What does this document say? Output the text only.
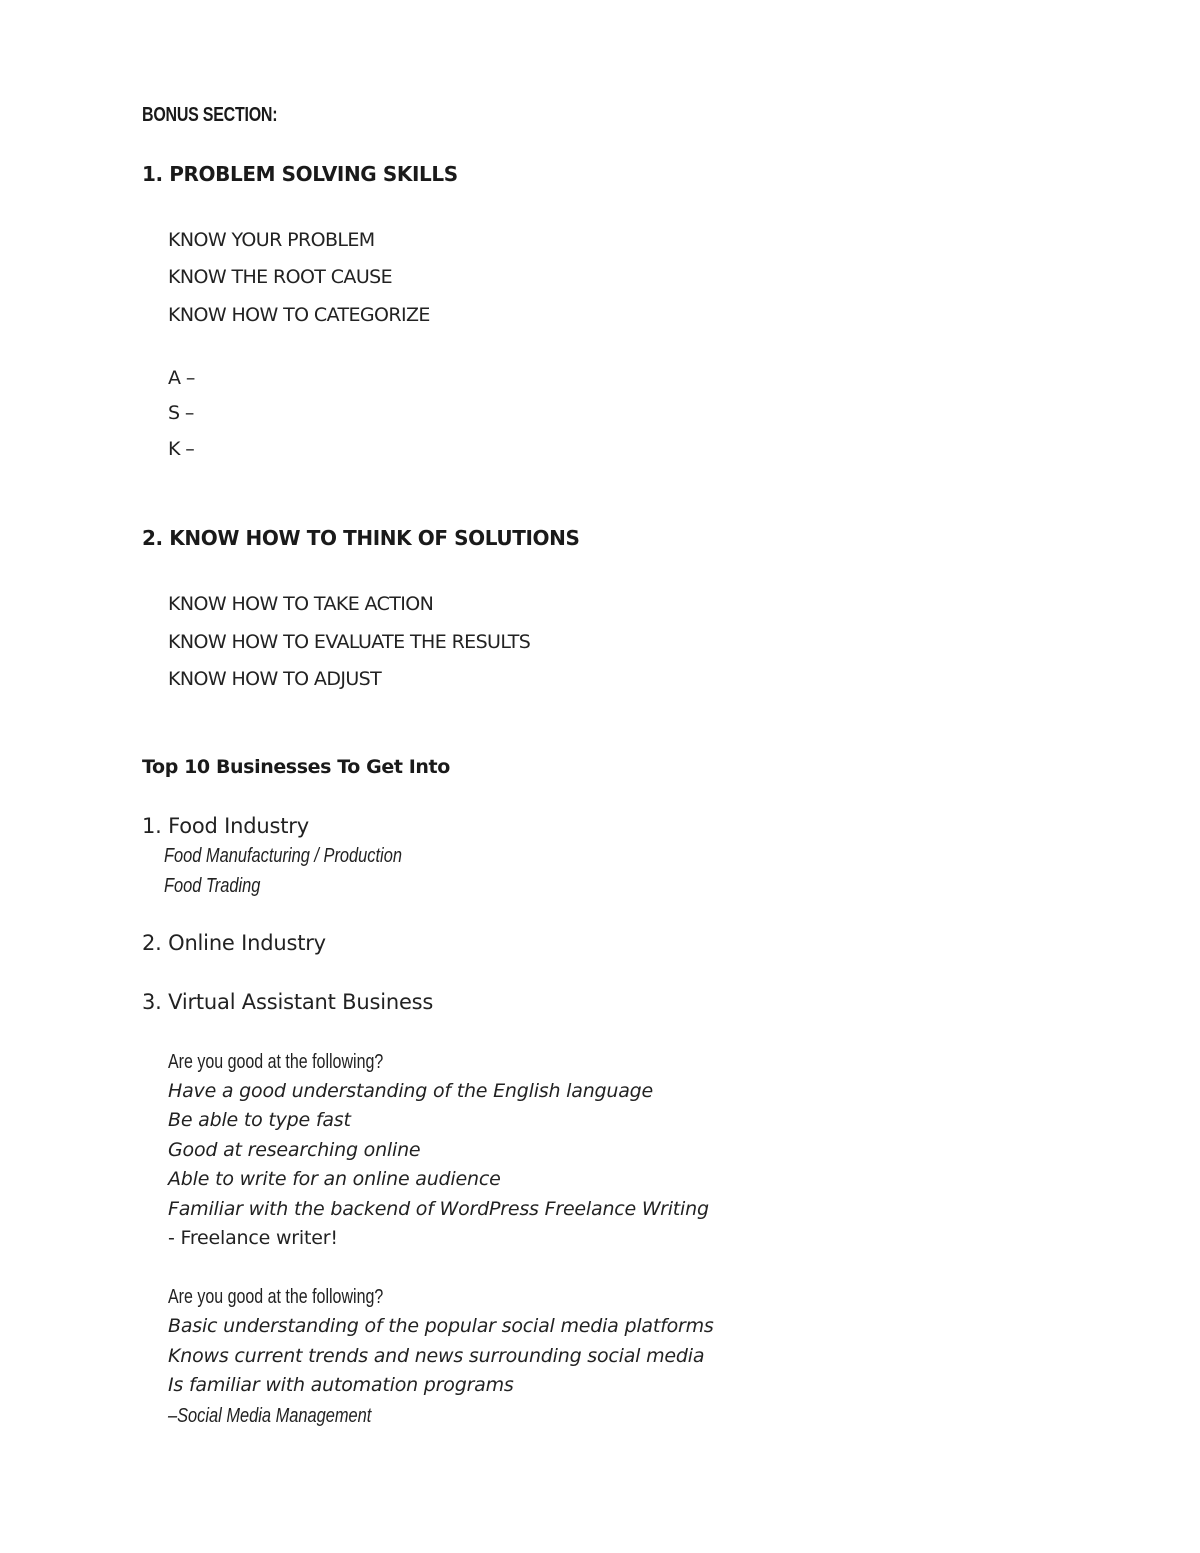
BONUS SECTION:
1. PROBLEM SOLVING SKILLS
KNOW YOUR PROBLEM
KNOW THE ROOT CAUSE
KNOW HOW TO CATEGORIZE
A –
S –
K –
2. KNOW HOW TO THINK OF SOLUTIONS
KNOW HOW TO TAKE ACTION
KNOW HOW TO EVALUATE THE RESULTS
KNOW HOW TO ADJUST
Top 10 Businesses To Get Into
1. Food Industry
Food Manufacturing / Production
Food Trading
2. Online Industry
3. Virtual Assistant Business
Are you good at the following?
Have a good understanding of the English language
Be able to type fast
Good at researching online
Able to write for an online audience
Familiar with the backend of WordPress Freelance Writing
- Freelance writer!
Are you good at the following?
Basic understanding of the popular social media platforms
Knows current trends and news surrounding social media
Is familiar with automation programs
–Social Media Management
